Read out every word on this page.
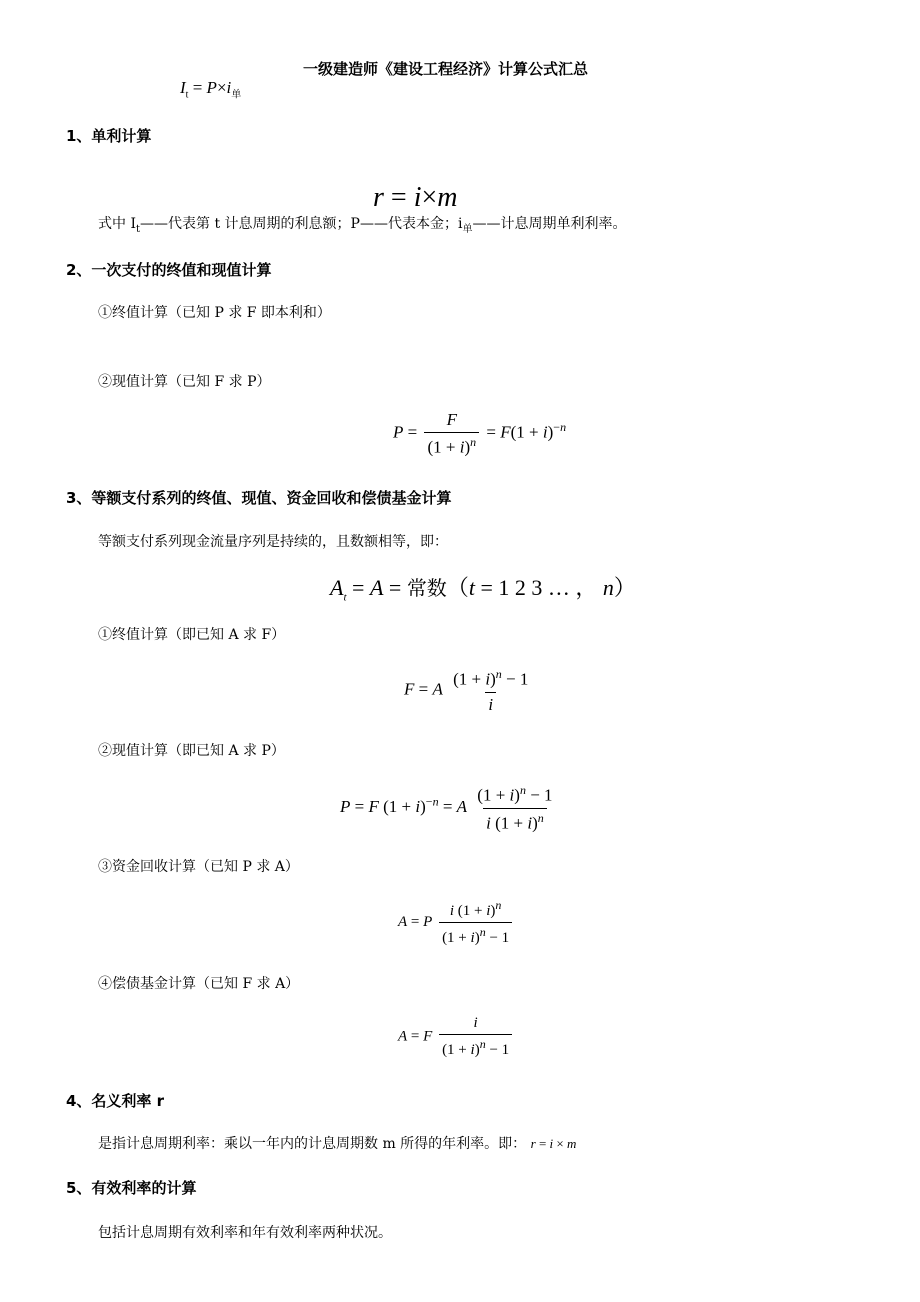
一级建造师《建设工程经济》计算公式汇总
$I_t = P\times i_单$
1、单利计算
r = i×m
式中 $I_t——$代表第 t 计息周期的利息额；P——代表本金；$i_单——$计息周期单利利率。
2、一次支付的终值和现值计算
①终值计算（已知 P 求 F 即本利和）
②现值计算（已知 F 求 P）
$P = \frac{F}{(1 + i)^n} = F(1 + i)^{-n}$
3、等额支付系列的终值、现值、资金回收和偿债基金计算
等额支付系列现金流量序列是持续的，且数额相等，即：
$A_t = A$ = 常数（t = 1 2 3 … ， n）
①终值计算（即已知 A 求 F）
F = A $\frac{(1 + i)^n - 1}{i}$
②现值计算（即已知 A 求 P）
P = F $(1 + i)^{-n} = A \frac{(1 + i)^n - 1}{i (1 + i)^n}$
③资金回收计算（已知 P 求 A）
A = P $\frac{i (1 + i)^n}{(1 + i)^n - 1}$
④偿债基金计算（已知 F 求 A）
A = F $\frac{i}{(1 + i)^n - 1}$
4、名义利率 r
是指计息周期利率：乘以一年内的计息周期数 m 所得的年利率。即： r = i × m
5、有效利率的计算
包括计息周期有效利率和年有效利率两种状况。
